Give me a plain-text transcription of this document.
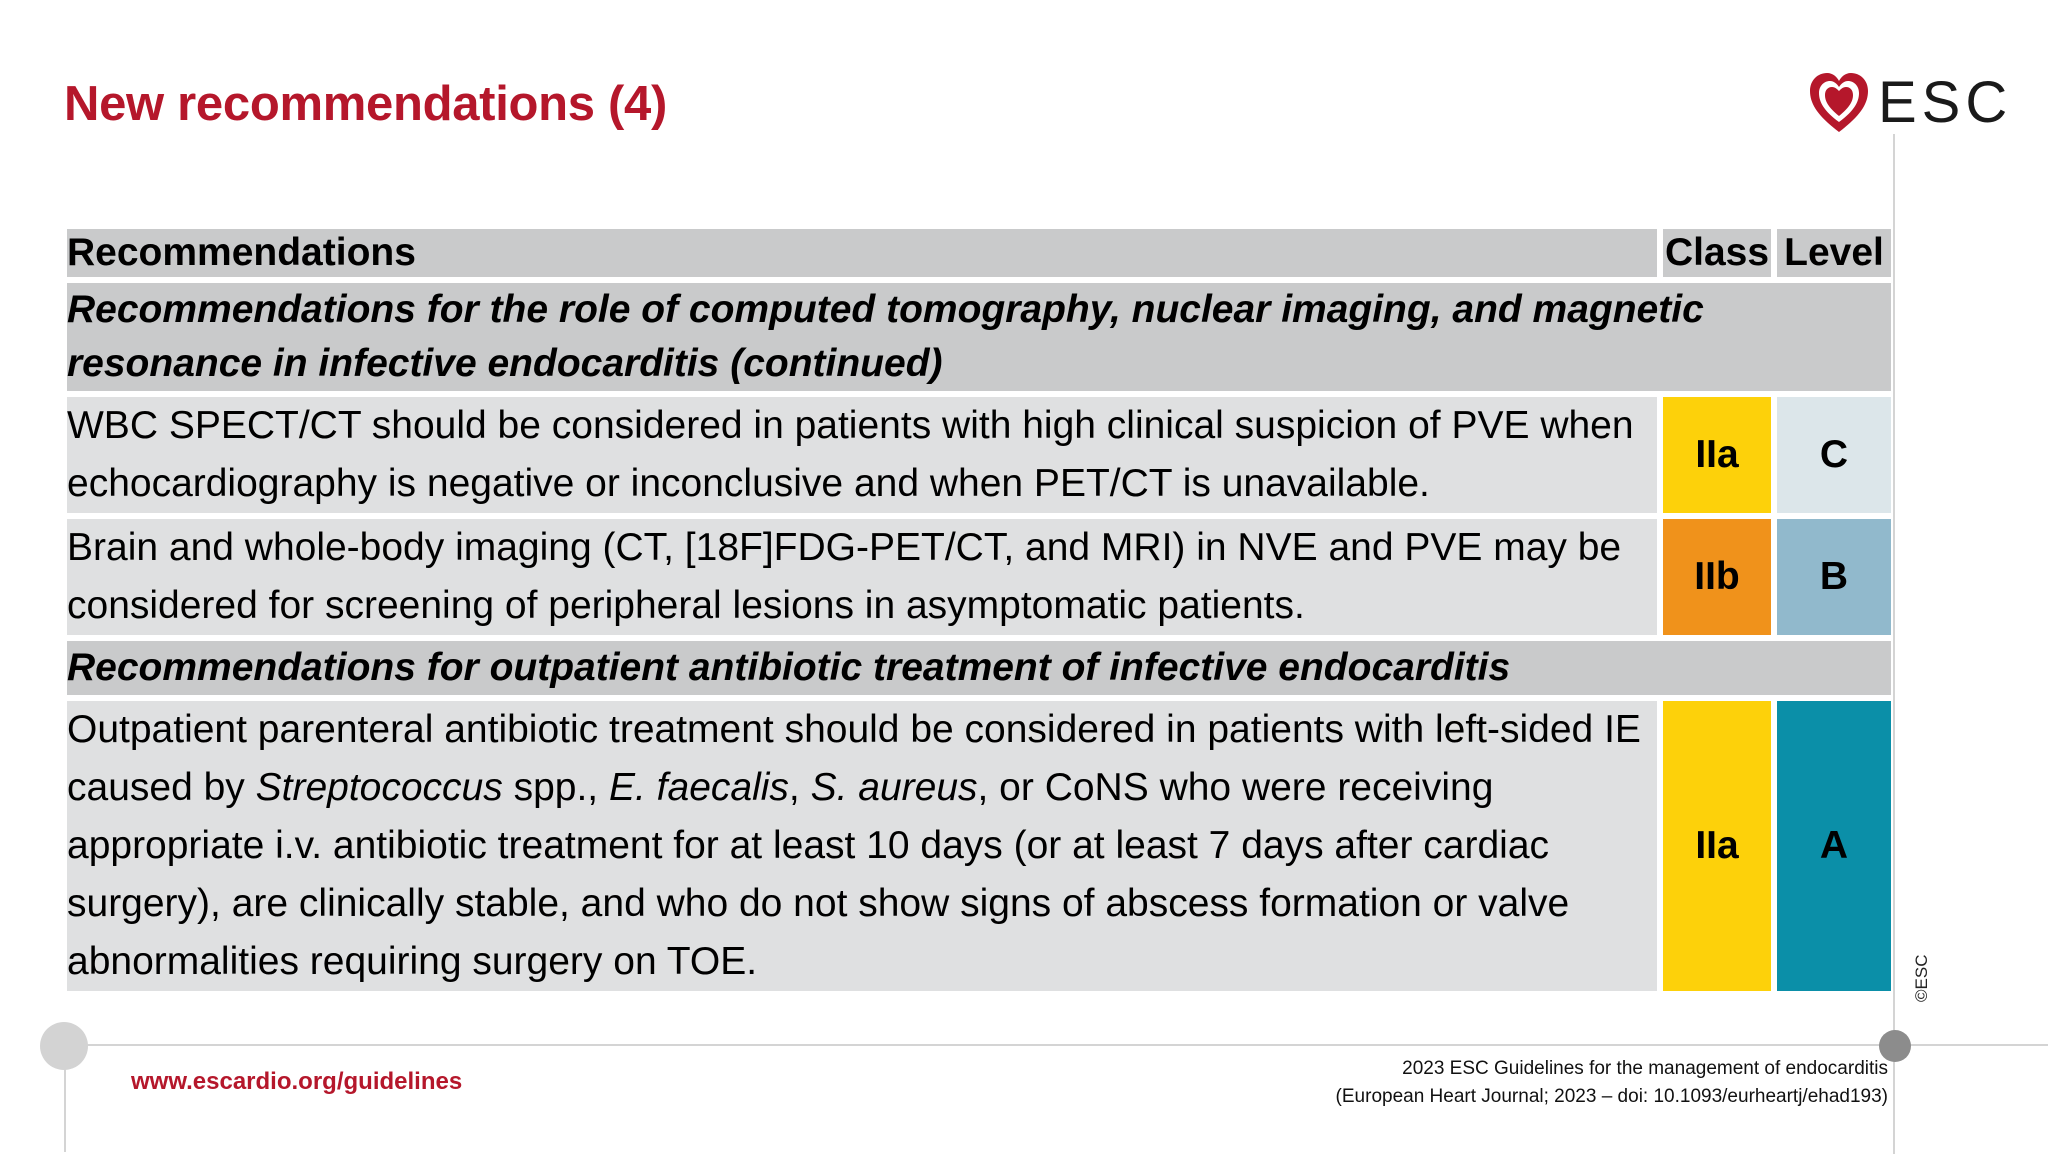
New recommendations (4)	ESC
Recommendations	Class Level
Recommendations for the role of computed tomography, nuclear imaging, and magnetic resonance in infective endocarditis (continued)
WBC SPECT/CT should be considered in patients with high clinical suspicion of PVE when echocardiography is negative or inconclusive and when PET/CT is unavailable.
IIa	C
Brain and whole-body imaging (CT, [18F]FDG-PET/CT, and MRI) in NVE and PVE may be considered for screening of peripheral lesions in asymptomatic patients.
IIb	B
Recommendations for outpatient antibiotic treatment of infective endocarditis
Outpatient parenteral antibiotic treatment should be considered in patients with left-sided IE caused by Streptococcus spp., E. faecalis, S. aureus, or CoNS who were receiving appropriate i.v. antibiotic treatment for at least 10 days (or at least 7 days after cardiac surgery), are clinically stable, and who do not show signs of abscess formation or valve abnormalities requiring surgery on TOE.
IIa	A
©ESC
www.escardio.org/guidelines	2023 ESC Guidelines for the management of endocarditis
(European Heart Journal; 2023 – doi: 10.1093/eurheartj/ehad193)
